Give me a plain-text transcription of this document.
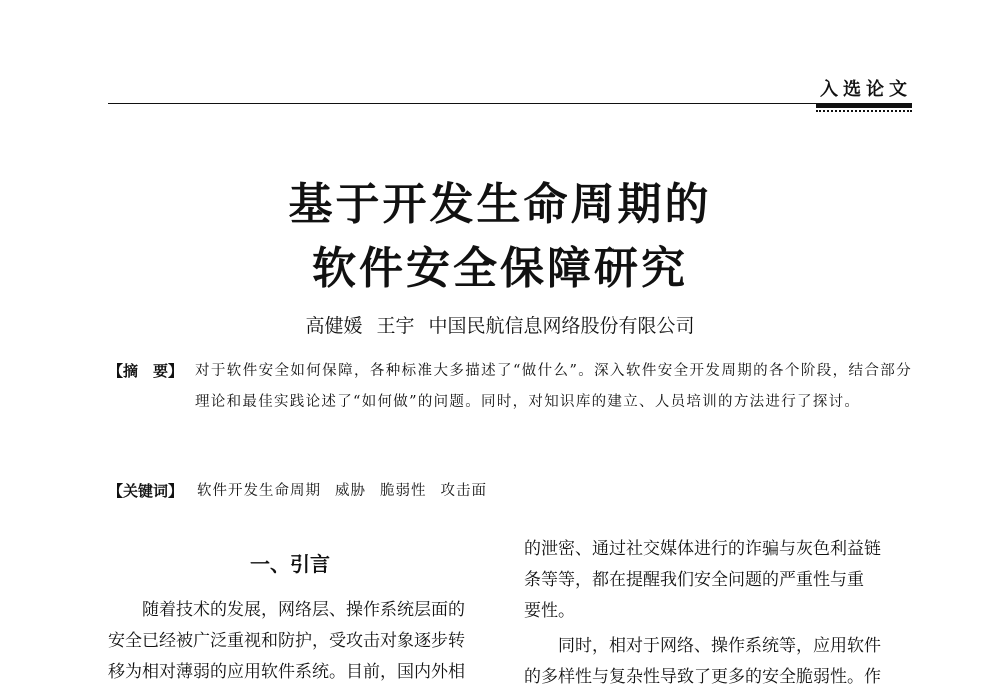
入选论文
基于开发生命周期的
软件安全保障研究
高健媛 王宇 中国民航信息网络股份有限公司
【摘　要】 对于软件安全如何保障，各种标准大多描述了“做什么”。深入软件安全开发周期的各个阶段，结合部分理论和最佳实践论述了“如何做”的问题。同时，对知识库的建立、人员培训的方法进行了探讨。
【关键词】 软件开发生命周期 威胁 脆弱性 攻击面
一、引言

随着技术的发展，网络层、操作系统层面的

安全已经被广泛重视和防护，受攻击对象逐步转

移为相对薄弱的应用软件系统。目前，国内外相

的泄密、通过社交媒体进行的诈骗与灰色利益链

条等等，都在提醒我们安全问题的严重性与重

要性。

同时，相对于网络、操作系统等，应用软件

的多样性与复杂性导致了更多的安全脆弱性。作
